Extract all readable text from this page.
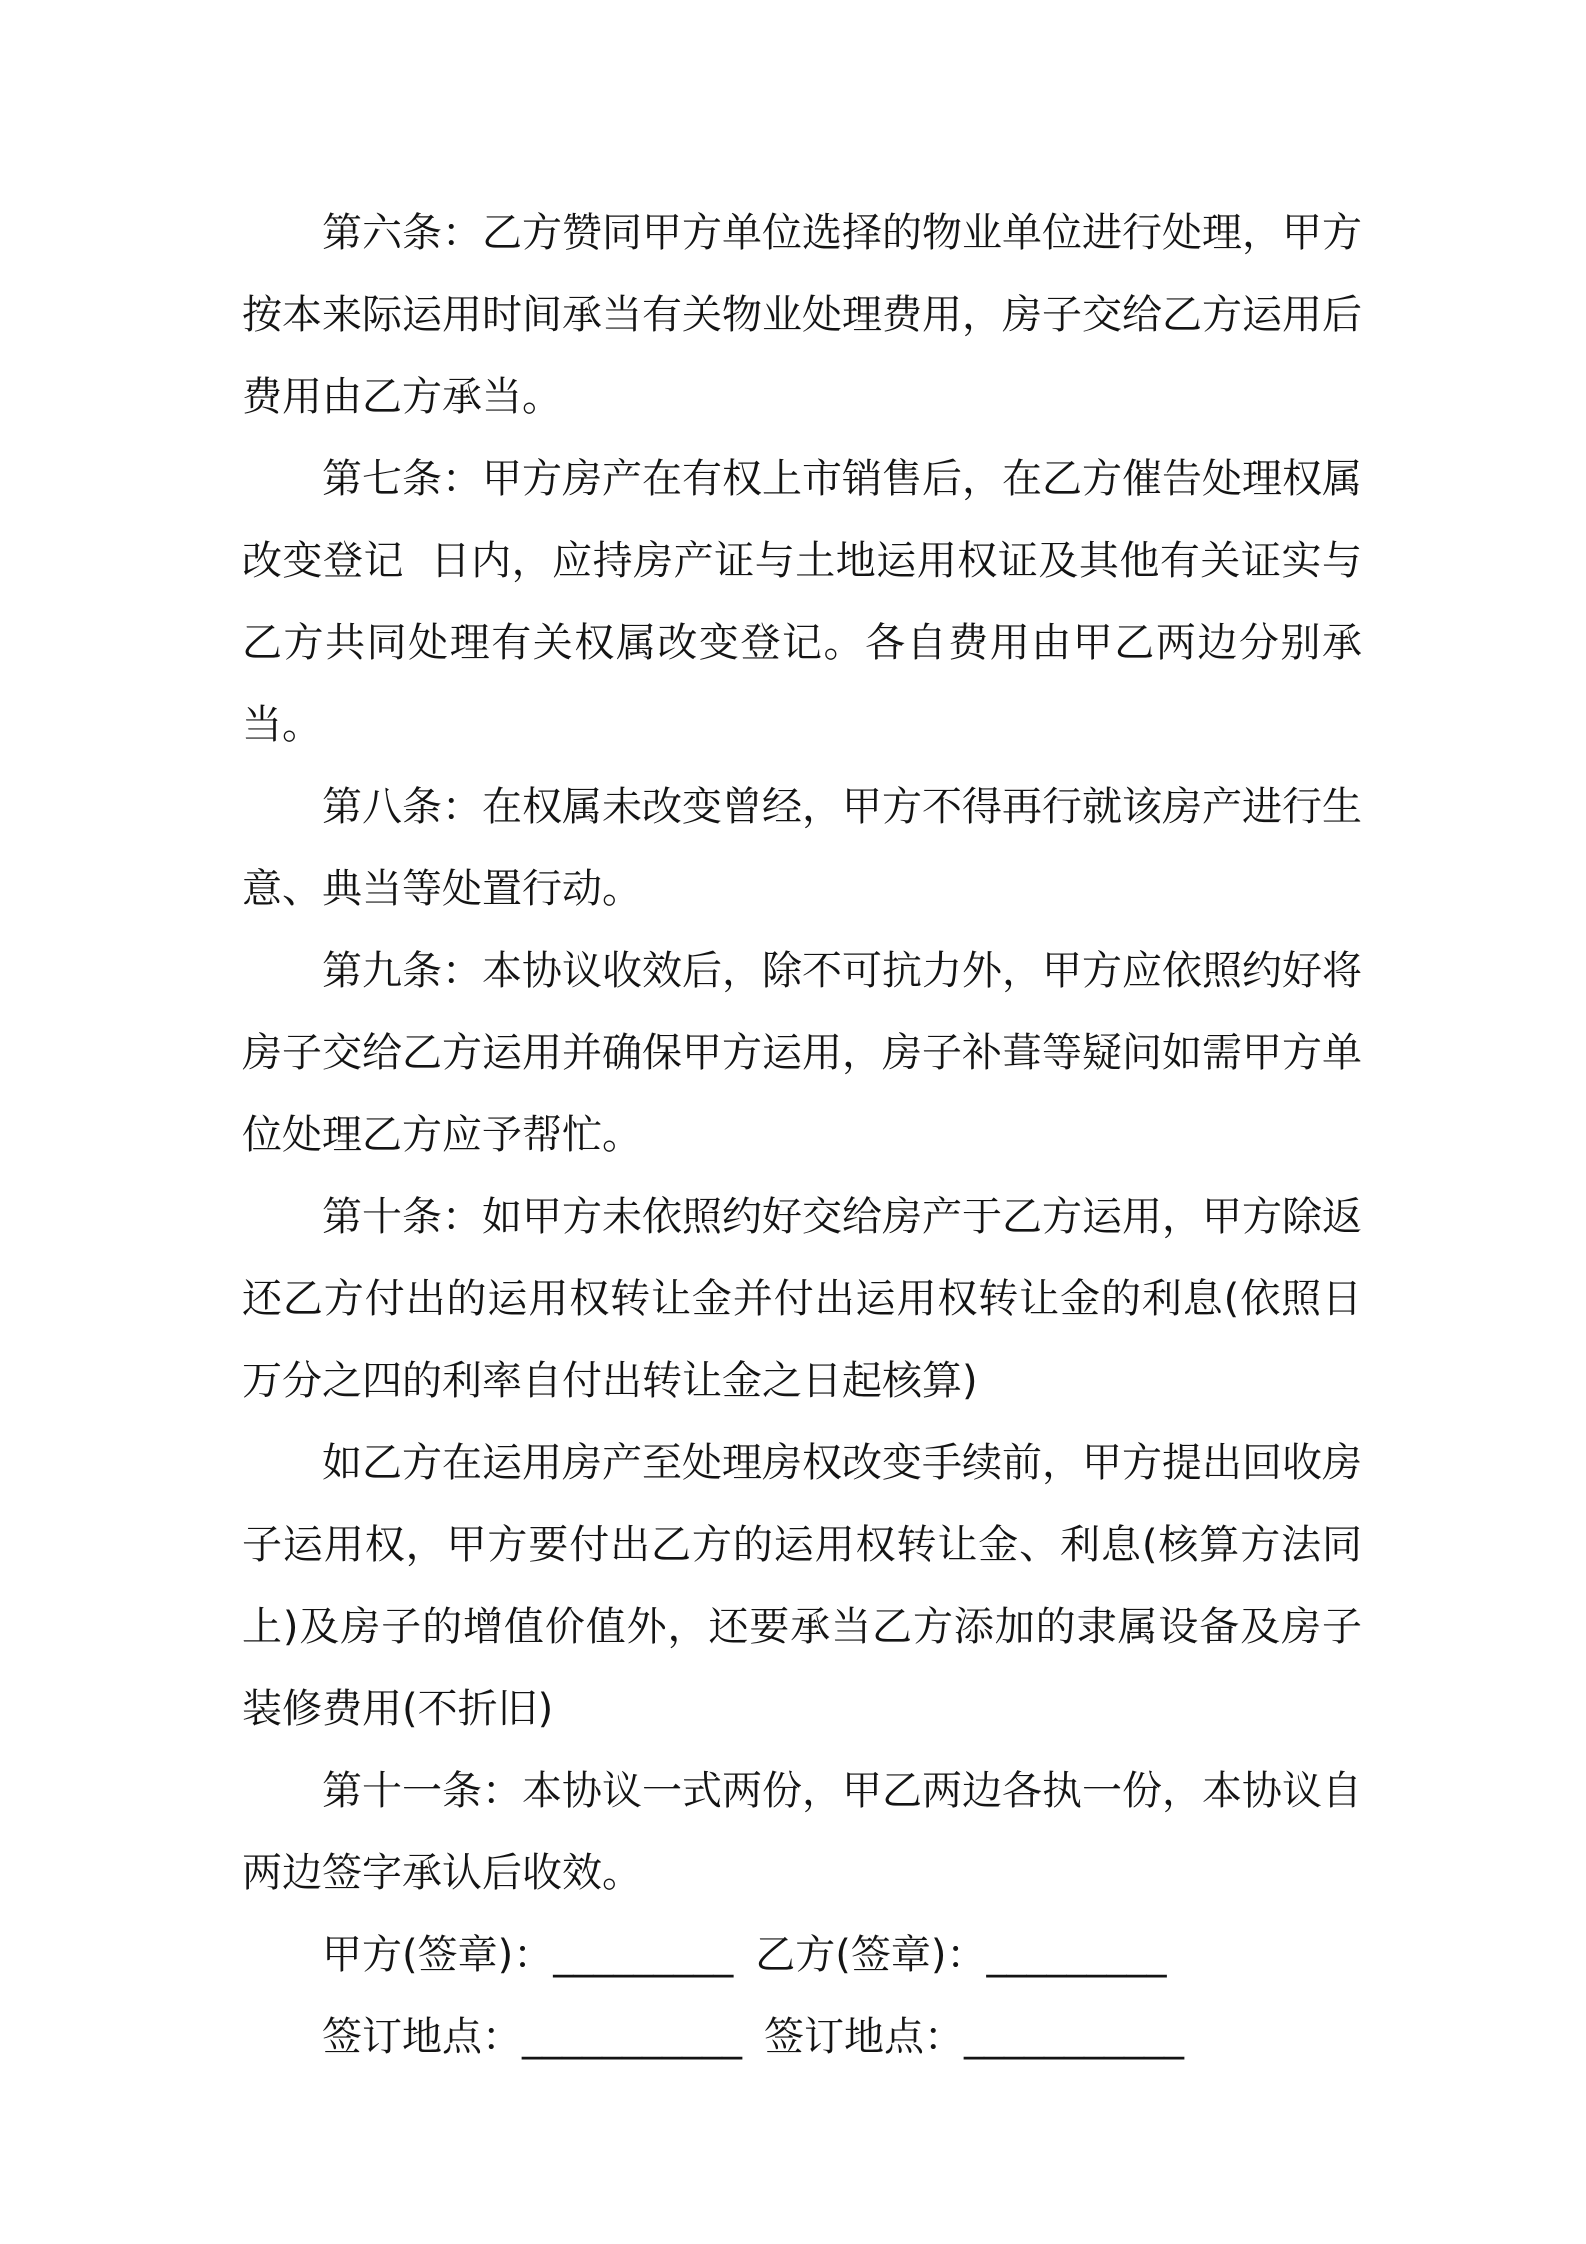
第六条：乙方赞同甲方单位选择的物业单位进行处理，甲方按本来际运用时间承当有关物业处理费用，房子交给乙方运用后费用由乙方承当。

第七条：甲方房产在有权上市销售后，在乙方催告处理权属改变登记  日内，应持房产证与土地运用权证及其他有关证实与乙方共同处理有关权属改变登记。各自费用由甲乙两边分别承当。

第八条：在权属未改变曾经，甲方不得再行就该房产进行生意、典当等处置行动。

第九条：本协议收效后，除不可抗力外，甲方应依照约好将房子交给乙方运用并确保甲方运用，房子补葺等疑问如需甲方单位处理乙方应予帮忙。

第十条：如甲方未依照约好交给房产于乙方运用，甲方除返还乙方付出的运用权转让金并付出运用权转让金的利息(依照日万分之四的利率自付出转让金之日起核算)

如乙方在运用房产至处理房权改变手续前，甲方提出回收房子运用权，甲方要付出乙方的运用权转让金、利息(核算方法同上)及房子的增值价值外，还要承当乙方添加的隶属设备及房子装修费用(不折旧)

第十一条：本协议一式两份，甲乙两边各执一份，本协议自两边签字承认后收效。

甲方(签章)：_________ 乙方(签章)：_________

签订地点：___________ 签订地点：___________
